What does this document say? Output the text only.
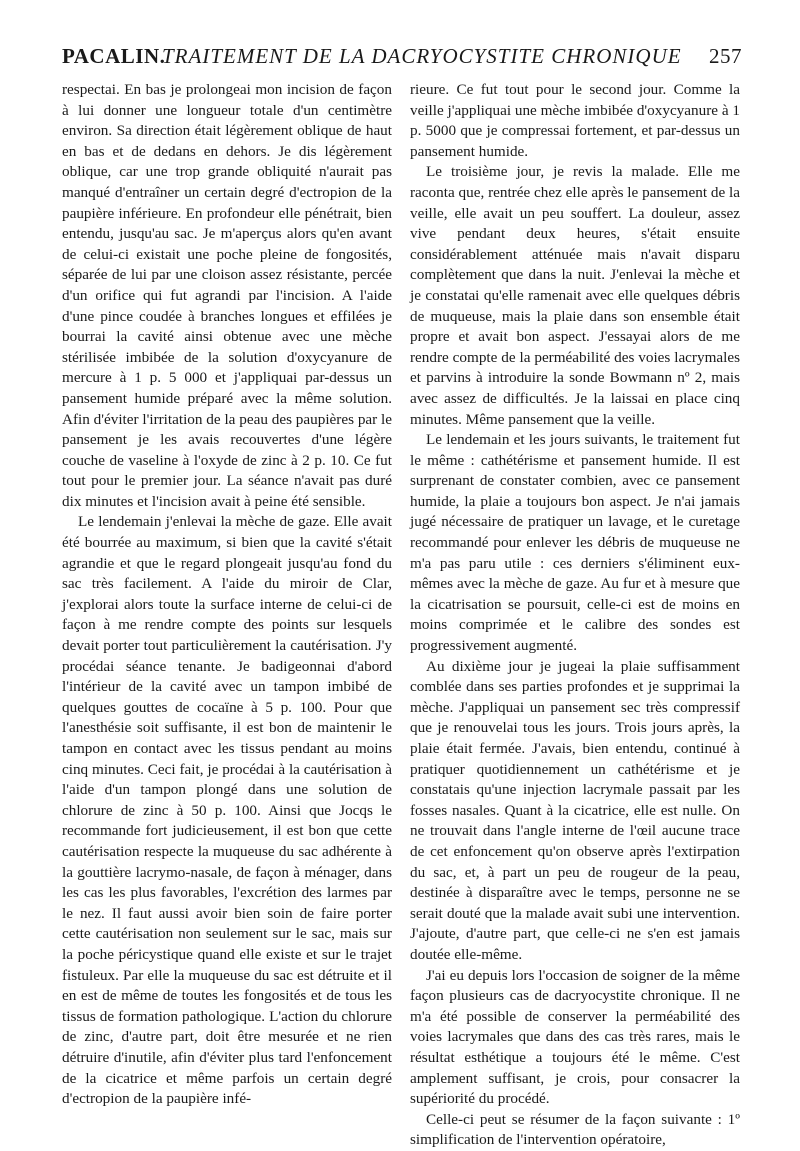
PACALIN.
TRAITEMENT DE LA DACRYOCYSTITE CHRONIQUE 257

respectai. En bas je prolongeai mon incision de façon à lui donner une longueur totale d'un centimètre environ. Sa direction était légèrement oblique de haut en bas et de dedans en dehors. Je dis légèrement oblique, car une trop grande obliquité n'aurait pas manqué d'entraîner un certain degré d'ectropion de la paupière inférieure. En profondeur elle pénétrait, bien entendu, jusqu'au sac. Je m'aperçus alors qu'en avant de celui-ci existait une poche pleine de fongosités, séparée de lui par une cloison assez résistante, percée d'un orifice qui fut agrandi par l'incision. A l'aide d'une pince coudée à branches longues et effilées je bourrai la cavité ainsi obtenue avec une mèche stérilisée imbibée de la solution d'oxycyanure de mercure à 1 p. 5 000 et j'appliquai par-dessus un pansement humide préparé avec la même solution. Afin d'éviter l'irritation de la peau des paupières par le pansement je les avais recouvertes d'une légère couche de vaseline à l'oxyde de zinc à 2 p. 10. Ce fut tout pour le premier jour. La séance n'avait pas duré dix minutes et l'incision avait à peine été sensible.

Le lendemain j'enlevai la mèche de gaze. Elle avait été bourrée au maximum, si bien que la cavité s'était agrandie et que le regard plongeait jusqu'au fond du sac très facilement. A l'aide du miroir de Clar, j'explorai alors toute la surface interne de celui-ci de façon à me rendre compte des points sur lesquels devait porter tout particulièrement la cautérisation. J'y procédai séance tenante. Je badigeonnai d'abord l'intérieur de la cavité avec un tampon imbibé de quelques gouttes de cocaïne à 5 p. 100. Pour que l'anesthésie soit suffisante, il est bon de maintenir le tampon en contact avec les tissus pendant au moins cinq minutes. Ceci fait, je procédai à la cautérisation à l'aide d'un tampon plongé dans une solution de chlorure de zinc à 50 p. 100. Ainsi que Jocqs le recommande fort judicieusement, il est bon que cette cautérisation respecte la muqueuse du sac adhérente à la gouttière lacrymo-nasale, de façon à ménager, dans les cas les plus favorables, l'excrétion des larmes par le nez. Il faut aussi avoir bien soin de faire porter cette cautérisation non seulement sur le sac, mais sur la poche péricystique quand elle existe et sur le trajet fistuleux. Par elle la muqueuse du sac est détruite et il en est de même de toutes les fongosités et de tous les tissus de formation pathologique. L'action du chlorure de zinc, d'autre part, doit être mesurée et ne rien détruire d'inutile, afin d'éviter plus tard l'enfoncement de la cicatrice et même parfois un certain degré d'ectropion de la paupière infé-

rieure. Ce fut tout pour le second jour. Comme la veille j'appliquai une mèche imbibée d'oxycyanure à 1 p. 5000 que je compressai fortement, et par-dessus un pansement humide.

Le troisième jour, je revis la malade. Elle me raconta que, rentrée chez elle après le pansement de la veille, elle avait un peu souffert. La douleur, assez vive pendant deux heures, s'était ensuite considérablement atténuée mais n'avait disparu complètement que dans la nuit. J'enlevai la mèche et je constatai qu'elle ramenait avec elle quelques débris de muqueuse, mais la plaie dans son ensemble était propre et avait bon aspect. J'essayai alors de me rendre compte de la perméabilité des voies lacrymales et parvins à introduire la sonde Bowmann nº 2, mais avec assez de difficultés. Je la laissai en place cinq minutes. Même pansement que la veille.

Le lendemain et les jours suivants, le traitement fut le même : cathétérisme et pansement humide. Il est surprenant de constater combien, avec ce pansement humide, la plaie a toujours bon aspect. Je n'ai jamais jugé nécessaire de pratiquer un lavage, et le curetage recommandé pour enlever les débris de muqueuse ne m'a pas paru utile : ces derniers s'éliminent eux-mêmes avec la mèche de gaze. Au fur et à mesure que la cicatrisation se poursuit, celle-ci est de moins en moins comprimée et le calibre des sondes est progressivement augmenté.

Au dixième jour je jugeai la plaie suffisamment comblée dans ses parties profondes et je supprimai la mèche. J'appliquai un pansement sec très compressif que je renouvelai tous les jours. Trois jours après, la plaie était fermée. J'avais, bien entendu, continué à pratiquer quotidiennement un cathétérisme et je constatais qu'une injection lacrymale passait par les fosses nasales. Quant à la cicatrice, elle est nulle. On ne trouvait dans l'angle interne de l'œil aucune trace de cet enfoncement qu'on observe après l'extirpation du sac, et, à part un peu de rougeur de la peau, destinée à disparaître avec le temps, personne ne se serait douté que la malade avait subi une intervention. J'ajoute, d'autre part, que celle-ci ne s'en est jamais doutée elle-même.

J'ai eu depuis lors l'occasion de soigner de la même façon plusieurs cas de dacryocystite chronique. Il ne m'a été possible de conserver la perméabilité des voies lacrymales que dans des cas très rares, mais le résultat esthétique a toujours été le même. C'est amplement suffisant, je crois, pour consacrer la supériorité du procédé.

Celle-ci peut se résumer de la façon suivante : 1º simplification de l'intervention opératoire,
